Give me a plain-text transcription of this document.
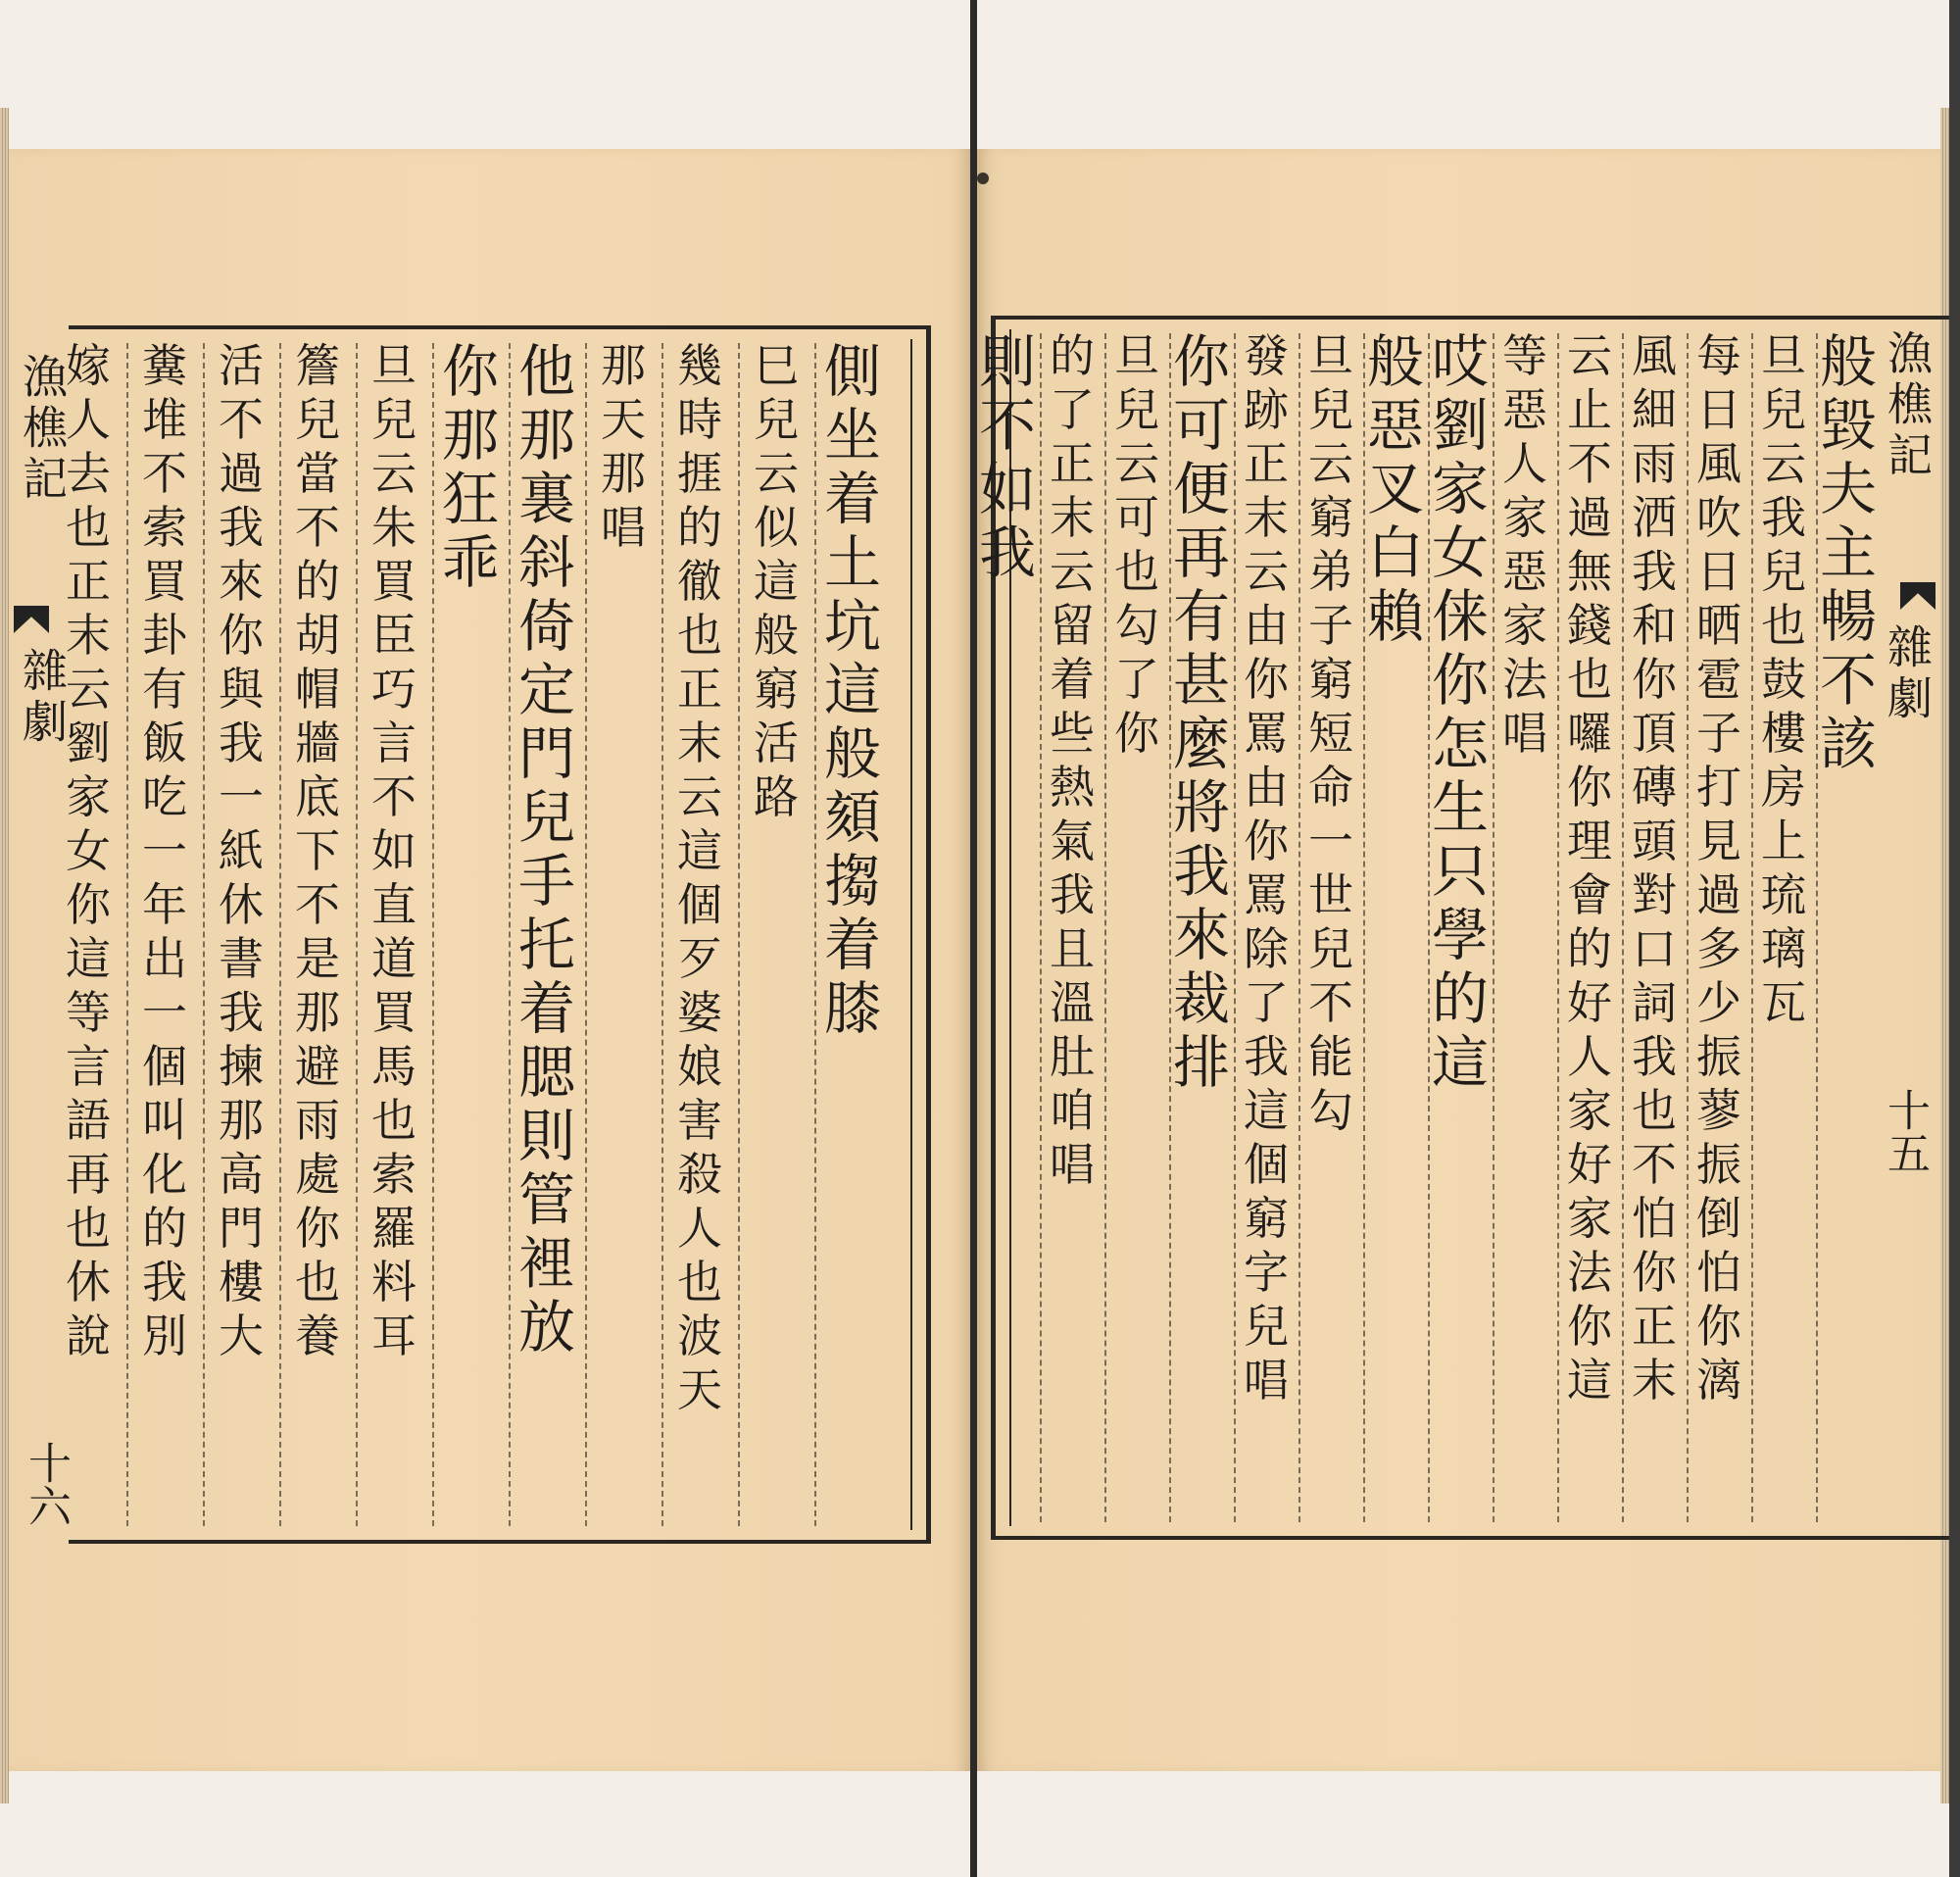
側
坐
着
土
坑
這
般
頦
搊
着
膝
巳
兒
云
似
這
般
窮
活
路
幾
時
捱
的
徹
也
正
末
云
這
個
歹
婆
娘
害
殺
人
也
波
天
那
天
那
唱
他
那
裏
斜
倚
定
門
兒
手
托
着
腮
則
管
裡
放
你
那
狂
乖
旦
兒
云
朱
買
臣
巧
言
不
如
直
道
買
馬
也
索
羅
料
耳
簷
兒
當
不
的
胡
帽
牆
底
下
不
是
那
避
雨
處
你
也
養
活
不
過
我
來
你
與
我
一
紙
休
書
我
揀
那
高
門
樓
大
糞
堆
不
索
買
卦
有
飯
吃
一
年
出
一
個
叫
化
的
我
別
嫁
人
去
也
正
末
云
劉
家
女
你
這
等
言
語
再
也
休
說
漁樵記
雜劇
十六
般
毀
夫
主
暢
不
該
旦
兒
云
我
兒
也
鼓
樓
房
上
琉
璃
瓦
每
日
風
吹
日
晒
雹
子
打
見
過
多
少
振
蓼
振
倒
怕
你
漓
風
細
雨
洒
我
和
你
頂
磚
頭
對
口
詞
我
也
不
怕
你
正
末
云
止
不
過
無
錢
也
囉
你
理
會
的
好
人
家
好
家
法
你
這
等
惡
人
家
惡
家
法
唱
哎
劉
家
女
俫
你
怎
生
只
學
的
這
般
惡
叉
白
賴
旦
兒
云
窮
弟
子
窮
短
命
一
世
兒
不
能
勾
發
跡
正
末
云
由
你
罵
由
你
罵
除
了
我
這
個
窮
字
兒
唱
你
可
便
再
有
甚
麼
將
我
來
裁
排
旦
兒
云
可
也
勾
了
你
的
了
正
末
云
留
着
些
熱
氣
我
且
溫
肚
咱
唱
則
不
如
我
漁樵記
雜劇
十五
